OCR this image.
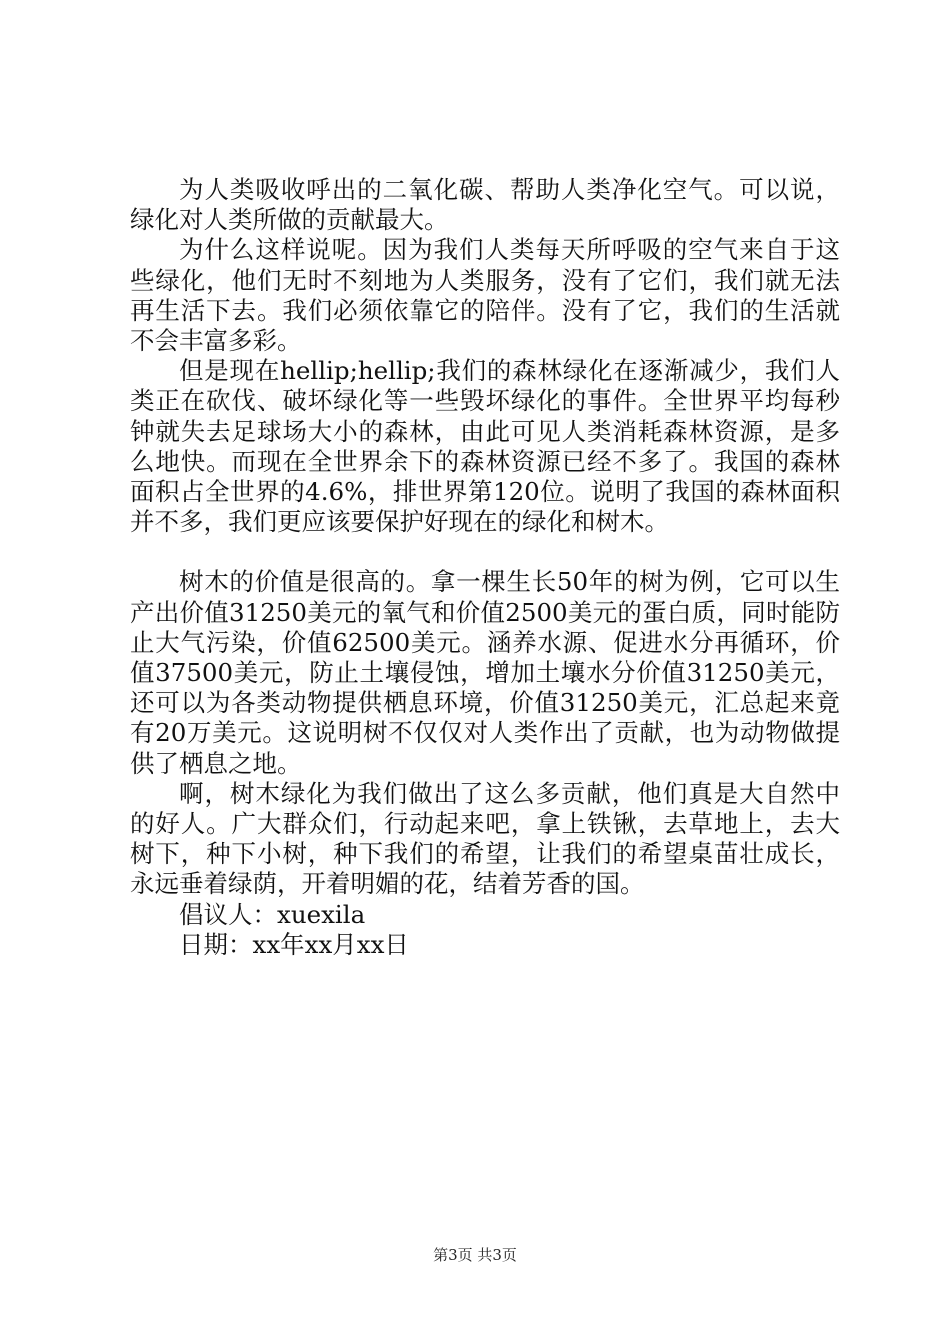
为人类吸收呼出的二氧化碳、帮助人类净化空气。可以说，绿化对人类所做的贡献最大。

为什么这样说呢。因为我们人类每天所呼吸的空气来自于这些绿化，他们无时不刻地为人类服务，没有了它们，我们就无法再生活下去。我们必须依靠它的陪伴。没有了它，我们的生活就不会丰富多彩。

但是现在hellip;hellip;我们的森林绿化在逐渐减少，我们人类正在砍伐、破坏绿化等一些毁坏绿化的事件。全世界平均每秒钟就失去足球场大小的森林，由此可见人类消耗森林资源，是多么地快。而现在全世界余下的森林资源已经不多了。我国的森林面积占全世界的4.6%，排世界第120位。说明了我国的森林面积并不多，我们更应该要保护好现在的绿化和树木。

树木的价值是很高的。拿一棵生长50年的树为例，它可以生产出价值31250美元的氧气和价值2500美元的蛋白质，同时能防止大气污染，价值62500美元。涵养水源、促进水分再循环，价值37500美元，防止土壤侵蚀，增加土壤水分价值31250美元，还可以为各类动物提供栖息环境，价值31250美元，汇总起来竟有20万美元。这说明树不仅仅对人类作出了贡献，也为动物做提供了栖息之地。

啊，树木绿化为我们做出了这么多贡献，他们真是大自然中的好人。广大群众们，行动起来吧，拿上铁锹，去草地上，去大树下，种下小树，种下我们的希望，让我们的希望桌苗壮成长，永远垂着绿荫，开着明媚的花，结着芳香的国。

倡议人：xuexila

日期：xx年xx月xx日

第3页 共3页
